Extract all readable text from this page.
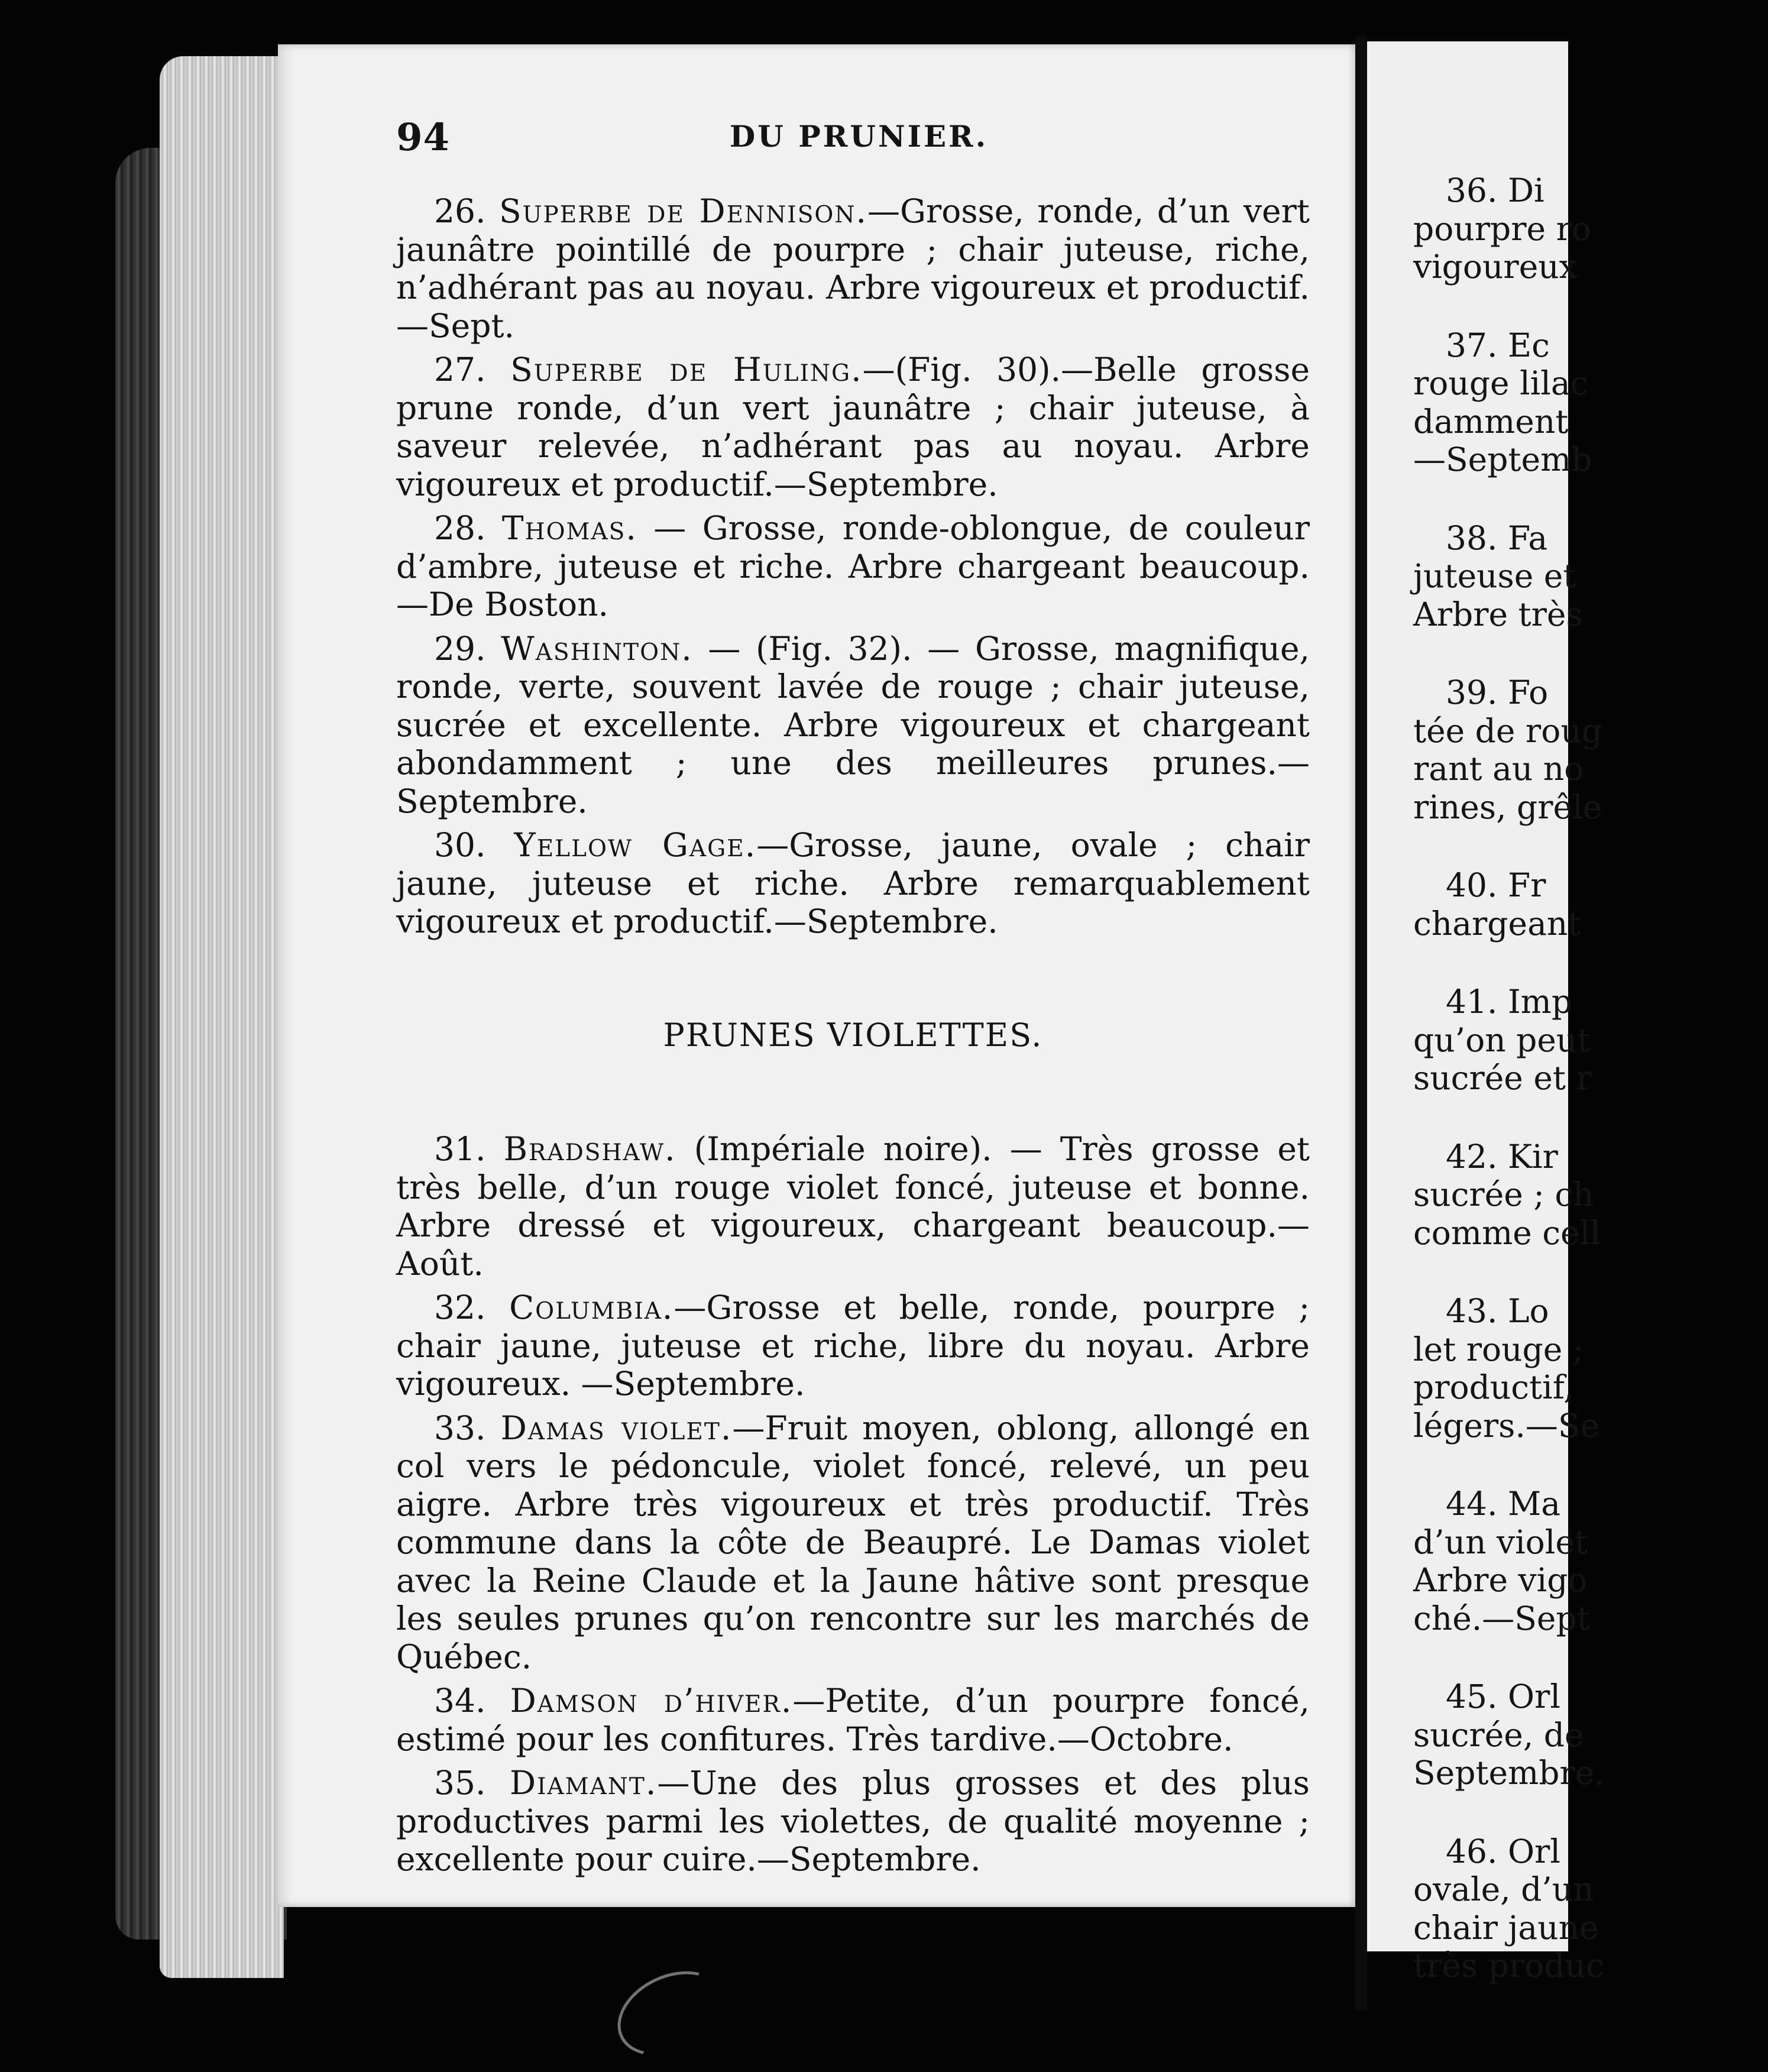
94	DU PRUNIER.

26. Superbe de Dennison.—Grosse, ronde, d’un vert jaunâtre pointillé de pourpre ; chair juteuse, riche, n’adhérant pas au noyau. Arbre vigoureux et productif.—Sept.

27. Superbe de Huling.—(Fig. 30).—Belle grosse prune ronde, d’un vert jaunâtre ; chair juteuse, à saveur relevée, n’adhérant pas au noyau. Arbre vigoureux et productif.—Septembre.

28. Thomas. — Grosse, ronde-oblongue, de couleur d’ambre, juteuse et riche. Arbre chargeant beaucoup.—De Boston.

29. Washinton. — (Fig. 32). — Grosse, magnifique, ronde, verte, souvent lavée de rouge ; chair juteuse, sucrée et excellente. Arbre vigoureux et chargeant abondamment ; une des meilleures prunes.—Septembre.

30. Yellow Gage.—Grosse, jaune, ovale ; chair jaune, juteuse et riche. Arbre remarquablement vigoureux et productif.—Septembre.

PRUNES VIOLETTES.

31. Bradshaw. (Impériale noire). — Très grosse et très belle, d’un rouge violet foncé, juteuse et bonne. Arbre dressé et vigoureux, chargeant beaucoup.—Août.

32. Columbia.—Grosse et belle, ronde, pourpre ; chair jaune, juteuse et riche, libre du noyau. Arbre vigoureux. —Septembre.

33. Damas violet.—Fruit moyen, oblong, allongé en col vers le pédoncule, violet foncé, relevé, un peu aigre. Arbre très vigoureux et très productif. Très commune dans la côte de Beaupré. Le Damas violet avec la Reine Claude et la Jaune hâtive sont presque les seules prunes qu’on rencontre sur les marchés de Québec.

34. Damson d’hiver.—Petite, d’un pourpre foncé, estimé pour les confitures. Très tardive.—Octobre.

35. Diamant.—Une des plus grosses et des plus productives parmi les violettes, de qualité moyenne ; excellente pour cuire.—Septembre.

36. Di
pourpre ro
vigoureux
37. Ec
rouge lilac
damment
—Septemb
38. Fa
juteuse et
Arbre très
39. Fo
tée de roug
rant au no
rines, grêle
40. Fr
chargeant
41. Imp
qu’on peut
sucrée et r
42. Kir
sucrée ; ch
comme cell
43. Lo
let rouge ;
productif,
légers.—Se
44. Ma
d’un violet
Arbre vigo
ché.—Sept
45. Orl
sucrée, de
Septembre.
46. Orl
ovale, d’un
chair jaune
très produc
